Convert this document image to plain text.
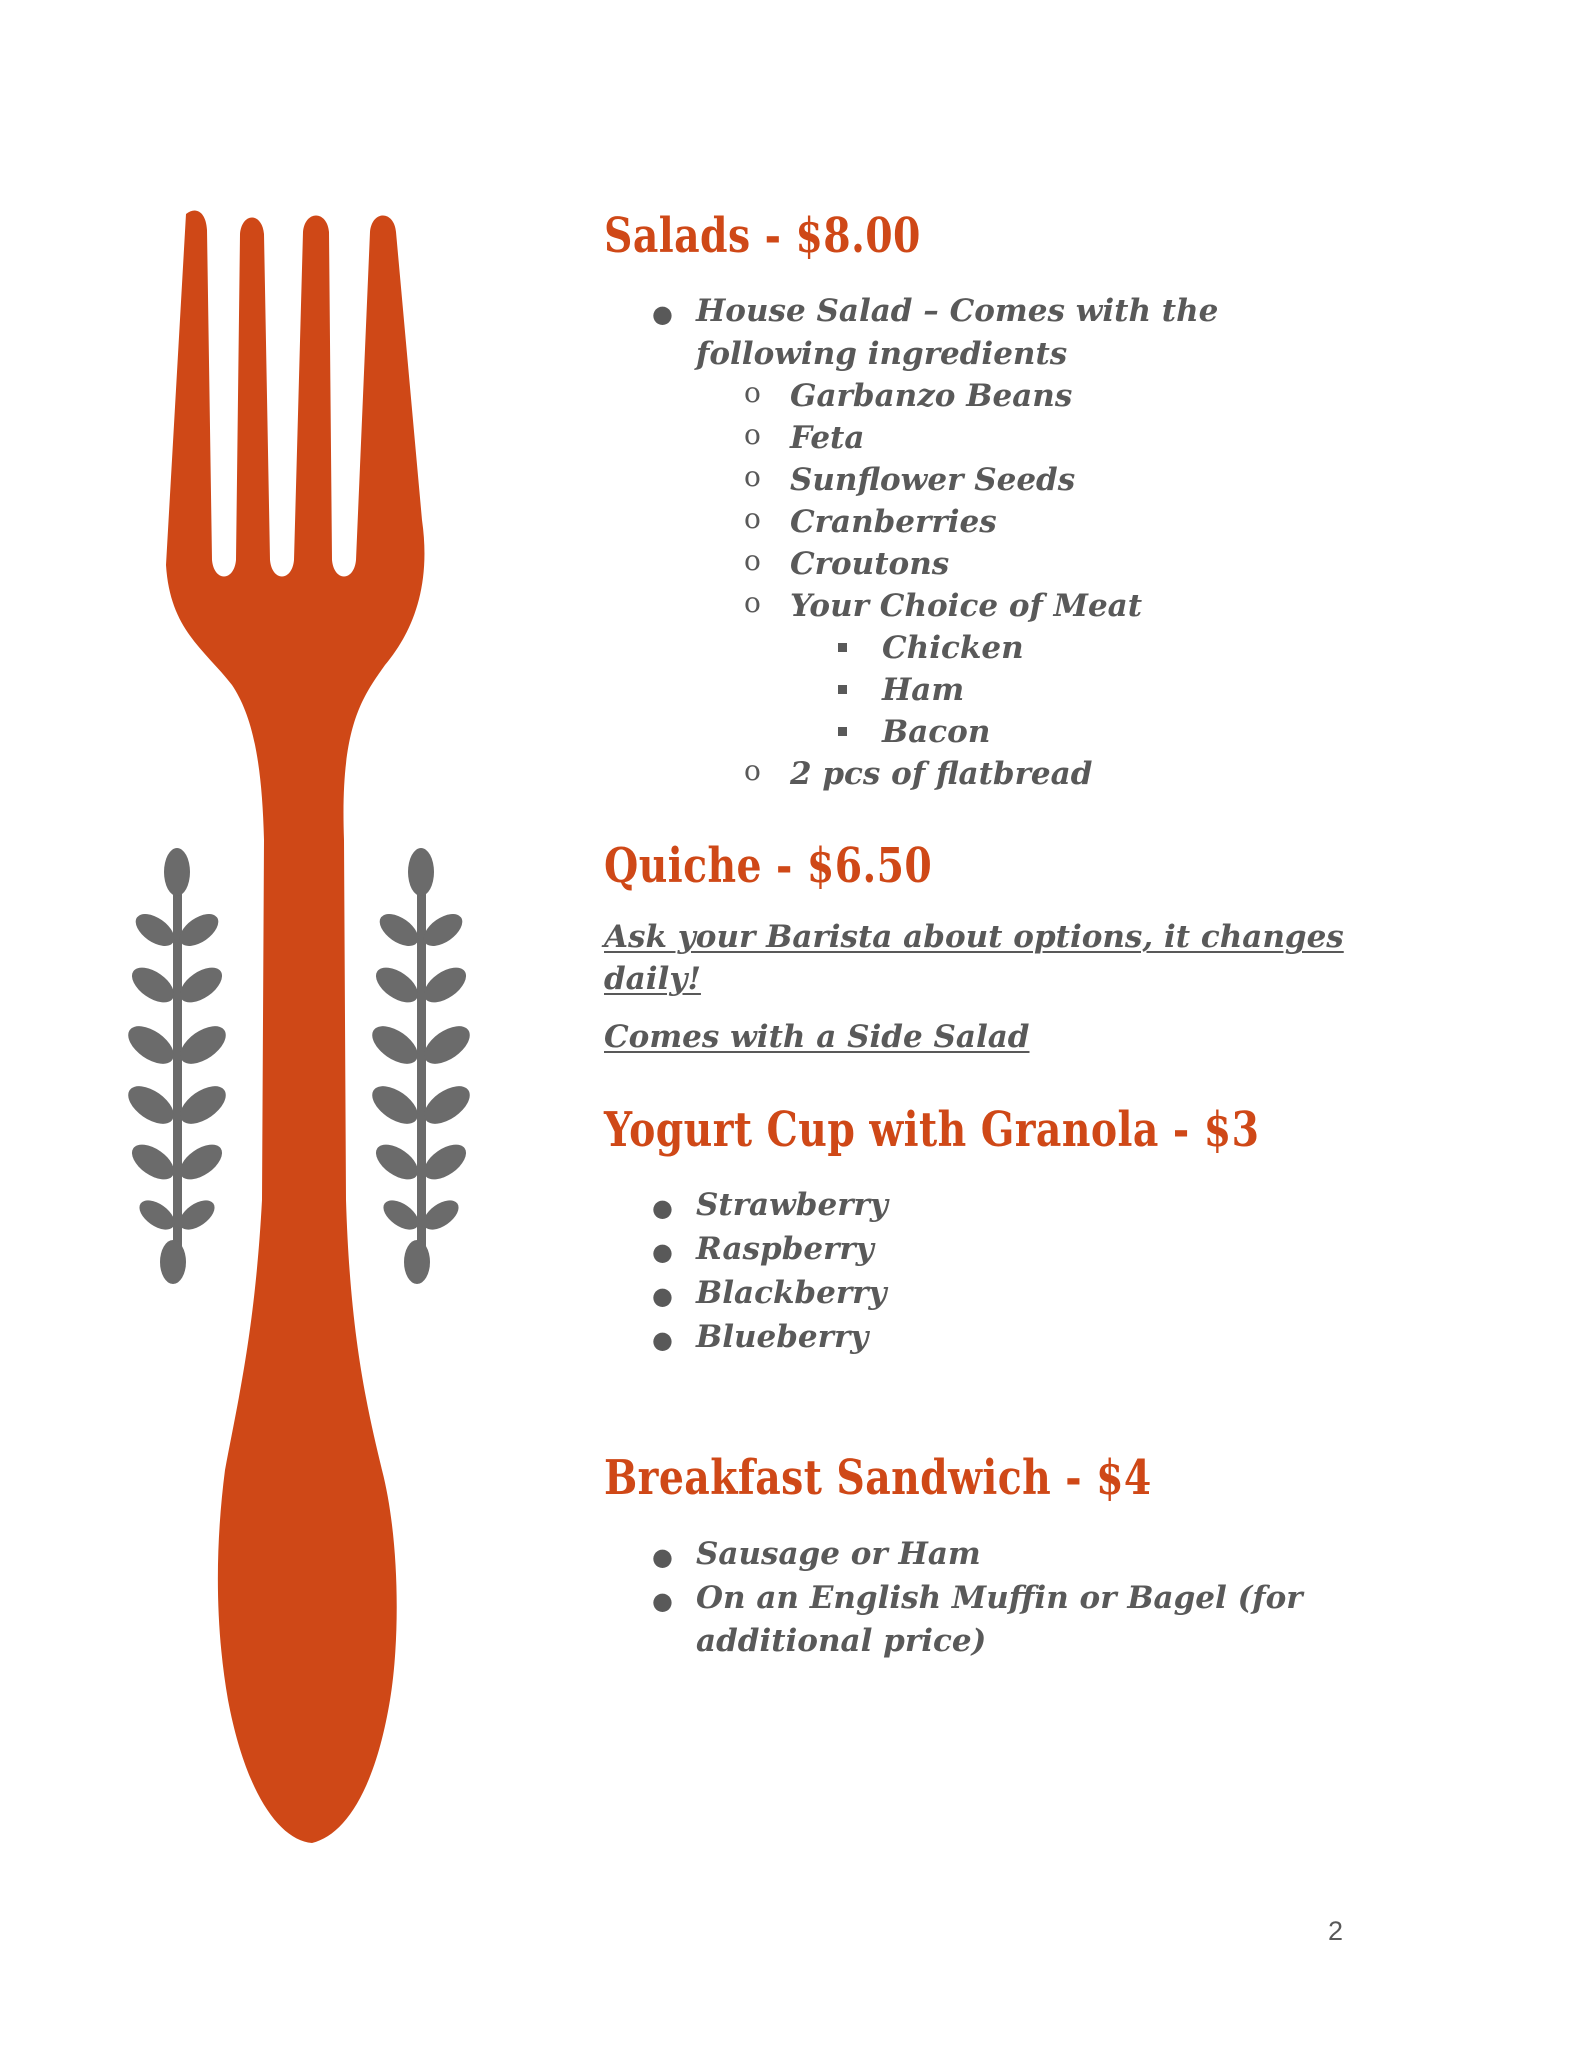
Salads - $8.00
● House Salad – Comes with the

following ingredients

o Garbanzo Beans

o Feta

o Sunflower Seeds

o Cranberries

o Croutons

o Your Choice of Meat

Chicken

Ham

Bacon

o 2 pcs of flatbread

Quiche - $6.50

Ask your Barista about options, it changes

daily!

Comes with a Side Salad

Yogurt Cup with Granola - $3
● Strawberry

● Raspberry

● Blackberry

● Blueberry

Breakfast Sandwich - $4
● Sausage or Ham

● On an English Muffin or Bagel (for

additional price)

2
